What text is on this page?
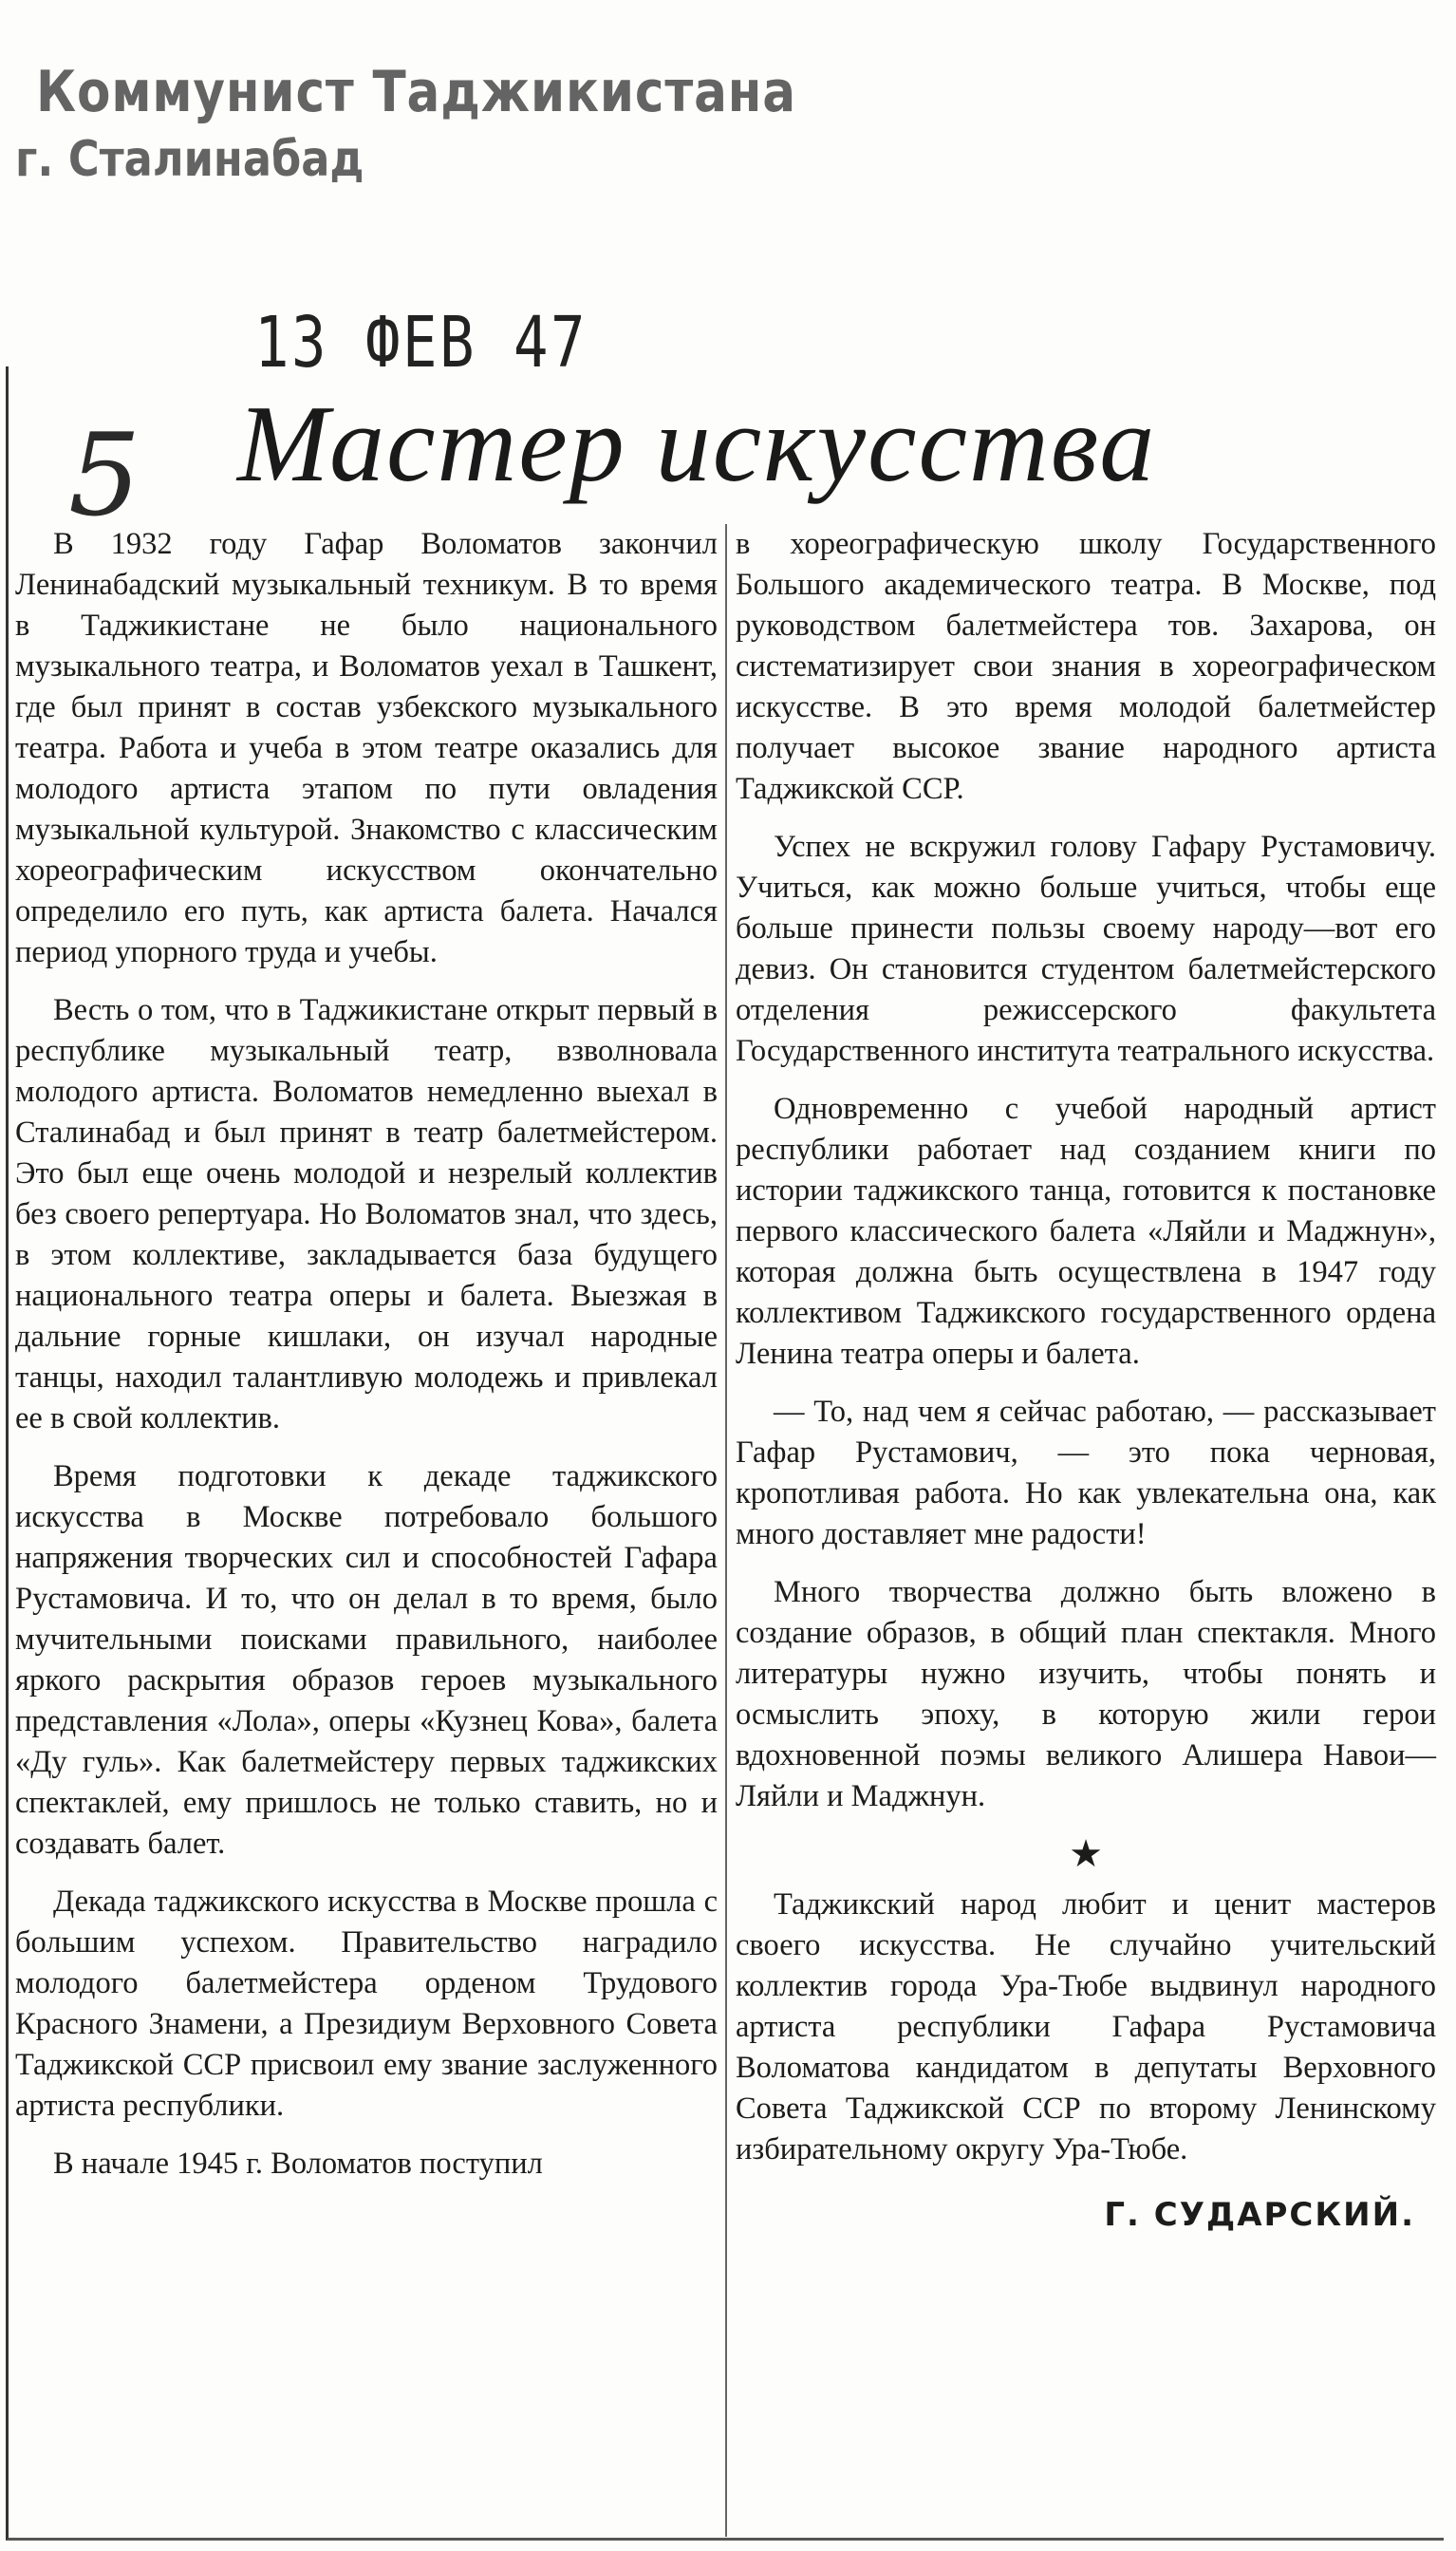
Коммунист Таджикистана
г. Сталинабад
13 ФЕВ 47
5 Мастер искусства

В 1932 году Гафар Воломатов закончил Ленинабадский музыкальный техникум. В то время в Таджикистане не было национального музыкального театра, и Воломатов уехал в Ташкент, где был принят в состав узбекского музыкального театра. Работа и учеба в этом театре оказались для молодого артиста этапом по пути овладения музыкальной культурой. Знакомство с классическим хореографическим искусством окончательно определило его путь, как артиста балета. Начался период упорного труда и учебы.

Весть о том, что в Таджикистане открыт первый в республике музыкальный театр, взволновала молодого артиста. Воломатов немедленно выехал в Сталинабад и был принят в театр балетмейстером. Это был еще очень молодой и незрелый коллектив без своего репертуара. Но Воломатов знал, что здесь, в этом коллективе, закладывается база будущего национального театра оперы и балета. Выезжая в дальние горные кишлаки, он изучал народные танцы, находил талантливую молодежь и привлекал ее в свой коллектив.

Время подготовки к декаде таджикского искусства в Москве потребовало большого напряжения творческих сил и способностей Гафара Рустамовича. И то, что он делал в то время, было мучительными поисками правильного, наиболее яркого раскрытия образов героев музыкального представления «Лола», оперы «Кузнец Кова», балета «Ду гуль». Как балетмейстеру первых таджикских спектаклей, ему пришлось не только ставить, но и создавать балет.

Декада таджикского искусства в Москве прошла с большим успехом. Правительство наградило молодого балетмейстера орденом Трудового Красного Знамени, а Президиум Верховного Совета Таджикской ССР присвоил ему звание заслуженного артиста республики.

В начале 1945 г. Воломатов поступил

в хореографическую школу Государственного Большого академического театра. В Москве, под руководством балетмейстера тов. Захарова, он систематизирует свои знания в хореографическом искусстве. В это время молодой балетмейстер получает высокое звание народного артиста Таджикской ССР.

Успех не вскружил голову Гафару Рустамовичу. Учиться, как можно больше учиться, чтобы еще больше принести пользы своему народу—вот его девиз. Он становится студентом балетмейстерского отделения режиссерского факультета Государственного института театрального искусства.

Одновременно с учебой народный артист республики работает над созданием книги по истории таджикского танца, готовится к постановке первого классического балета «Ляйли и Маджнун», которая должна быть осуществлена в 1947 году коллективом Таджикского государственного ордена Ленина театра оперы и балета.

— То, над чем я сейчас работаю, — рассказывает Гафар Рустамович, — это пока черновая, кропотливая работа. Но как увлекательна она, как много доставляет мне радости!

Много творчества должно быть вложено в создание образов, в общий план спектакля. Много литературы нужно изучить, чтобы понять и осмыслить эпоху, в которую жили герои вдохновенной поэмы великого Алишера Навои—Ляйли и Маджнун.

★

Таджикский народ любит и ценит мастеров своего искусства. Не случайно учительский коллектив города Ура-Тюбе выдвинул народного артиста республики Гафара Рустамовича Воломатова кандидатом в депутаты Верховного Совета Таджикской ССР по второму Ленинскому избирательному округу Ура-Тюбе.

Г. СУДАРСКИЙ.
